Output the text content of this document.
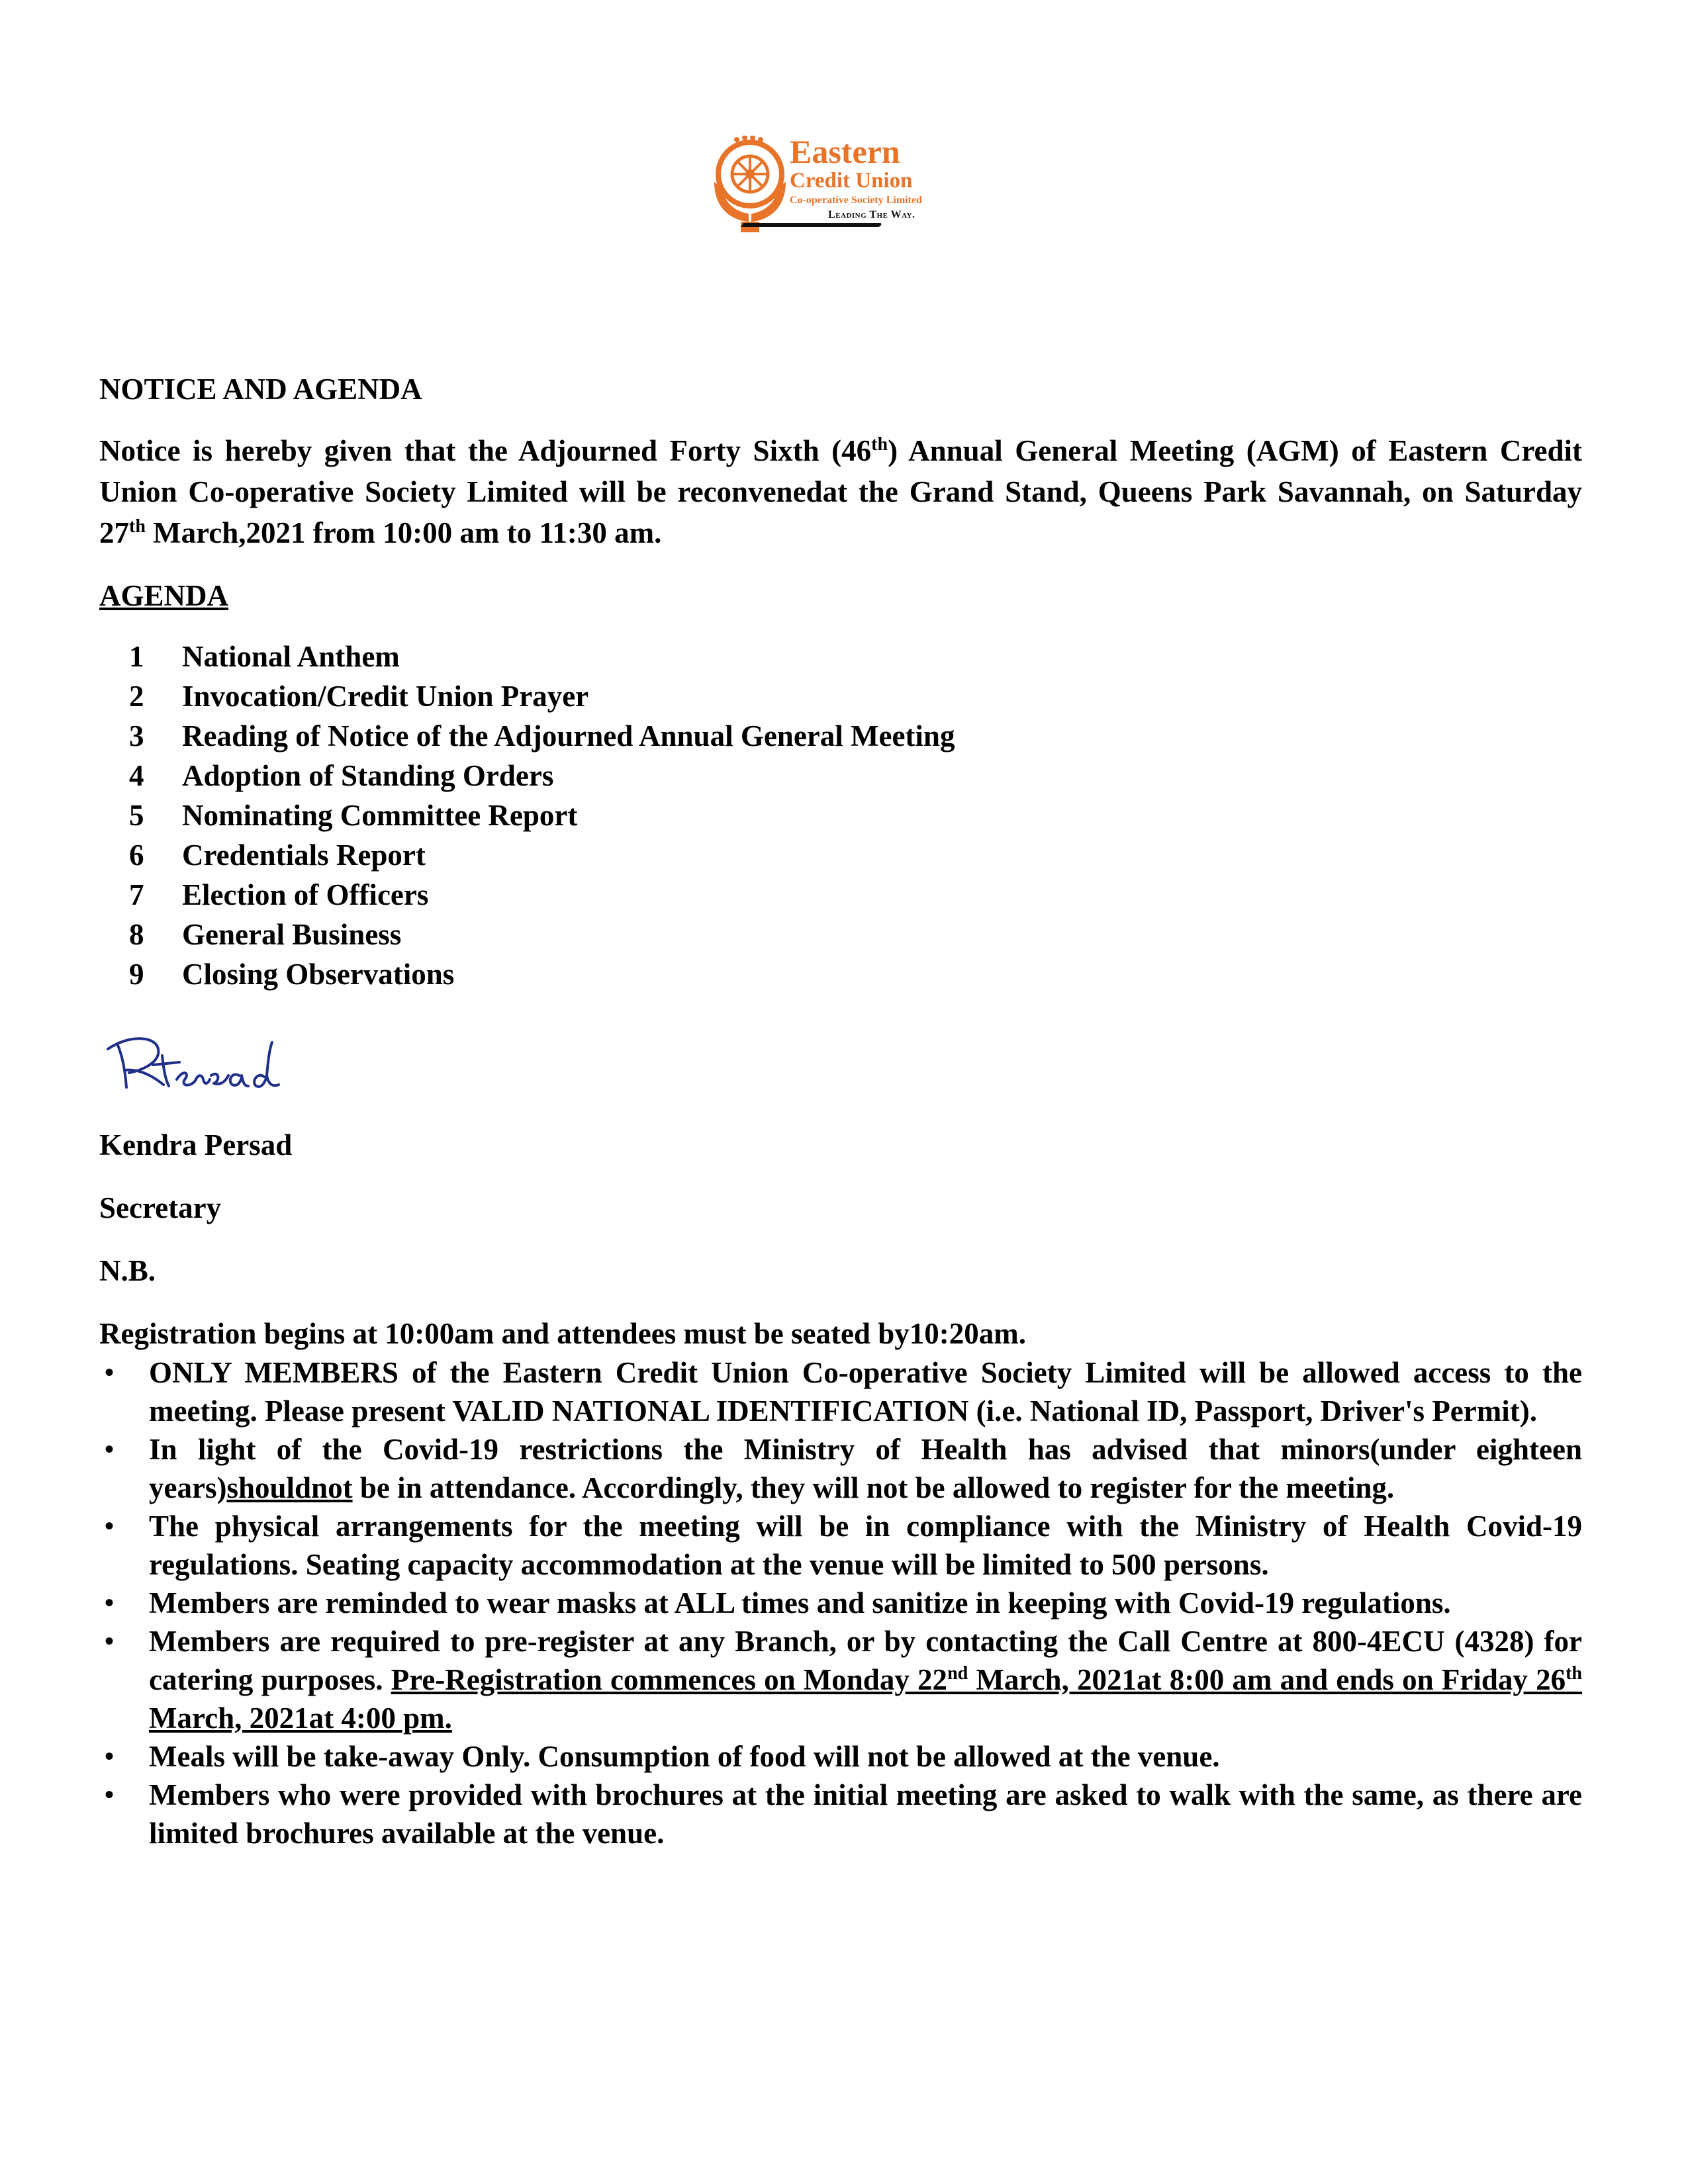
Eastern
Credit Union
Co-operative Society Limited
Leading The Way.
NOTICE AND AGENDA
Notice is hereby given that the Adjourned Forty Sixth (46th) Annual General Meeting (AGM) of Eastern Credit Union Co-operative Society Limited will be reconvenedat the Grand Stand, Queens Park Savannah, on Saturday 27th March,2021 from 10:00 am to 11:30 am.
AGENDA
1	National Anthem
2	Invocation/Credit Union Prayer
3	Reading of Notice of the Adjourned Annual General Meeting
4	Adoption of Standing Orders
5	Nominating Committee Report
6	Credentials Report
7	Election of Officers
8	General Business
9	Closing Observations
Kendra Persad
Secretary
N.B.
Registration begins at 10:00am and attendees must be seated by10:20am.
• ONLY MEMBERS of the Eastern Credit Union Co-operative Society Limited will be allowed access to the meeting. Please present VALID NATIONAL IDENTIFICATION (i.e. National ID, Passport, Driver's Permit).
• In light of the Covid-19 restrictions the Ministry of Health has advised that minors(under eighteen years)shouldnot be in attendance. Accordingly, they will not be allowed to register for the meeting.
• The physical arrangements for the meeting will be in compliance with the Ministry of Health Covid-19 regulations. Seating capacity accommodation at the venue will be limited to 500 persons.
• Members are reminded to wear masks at ALL times and sanitize in keeping with Covid-19 regulations.
• Members are required to pre-register at any Branch, or by contacting the Call Centre at 800-4ECU (4328) for catering purposes. Pre-Registration commences on Monday 22nd March, 2021at 8:00 am and ends on Friday 26th March, 2021at 4:00 pm.
• Meals will be take-away Only. Consumption of food will not be allowed at the venue.
• Members who were provided with brochures at the initial meeting are asked to walk with the same, as there are limited brochures available at the venue.
